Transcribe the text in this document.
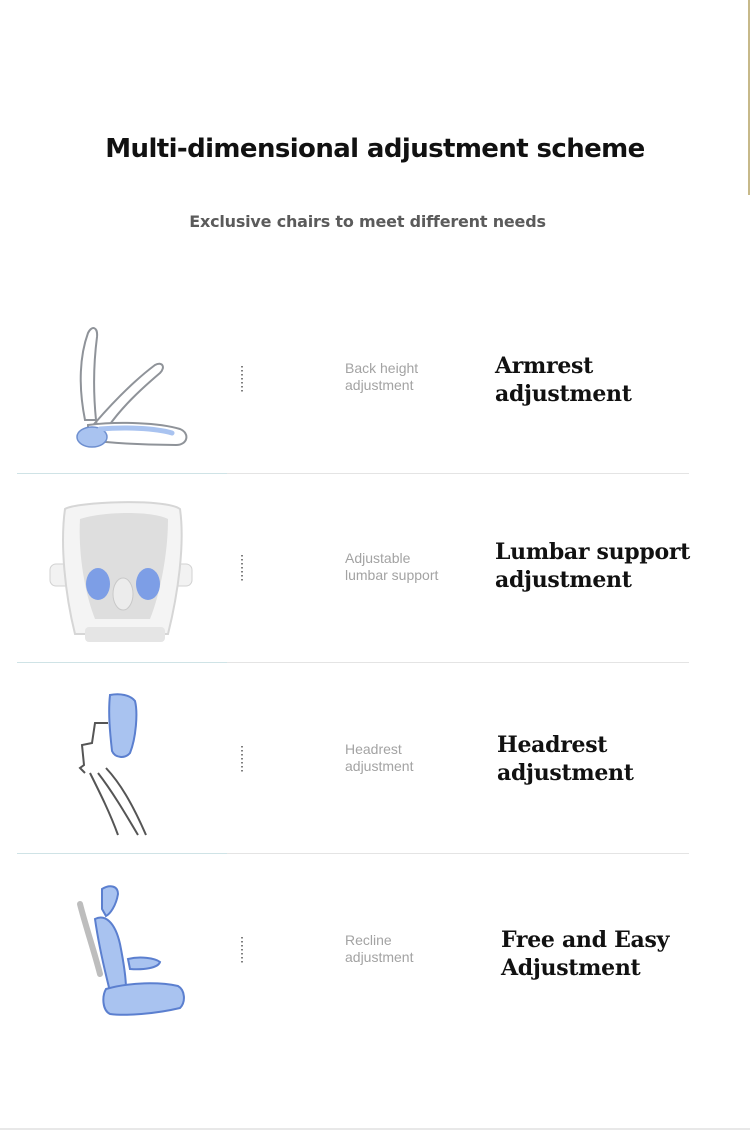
Multi-dimensional adjustment scheme
Exclusive chairs to meet different needs
Back height
adjustment
Armrest
adjustment
Adjustable
lumbar support
Lumbar support
adjustment
Headrest
adjustment
Headrest
adjustment
Recline
adjustment
Free and Easy
Adjustment
